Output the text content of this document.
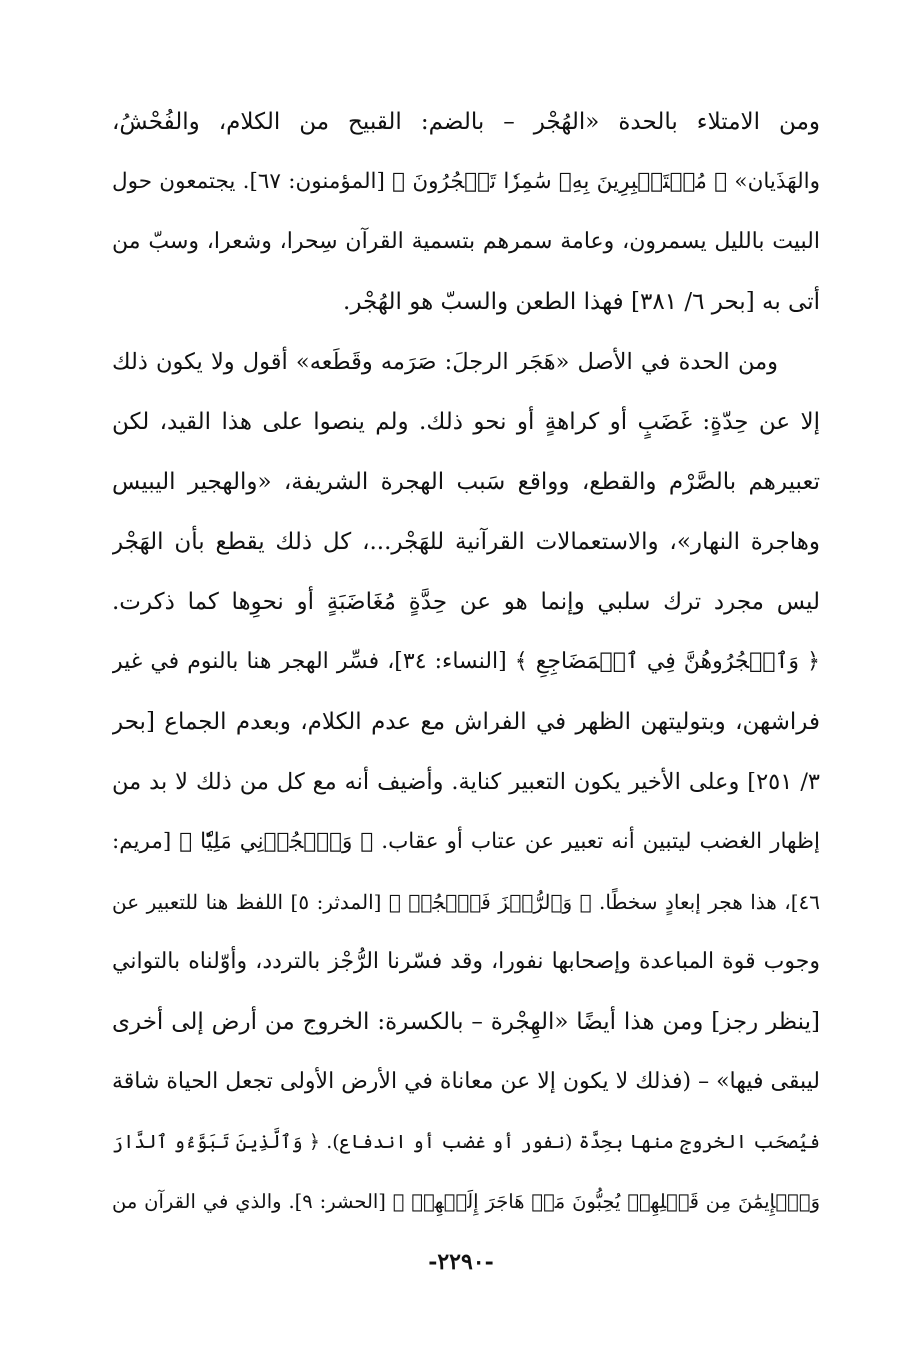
ومن الامتلاء بالحدة «الهُجْر – بالضم: القبيح من الكلام، والفُحْشُ،
والهَذَيان» ﴿ مُسۡتَكۡبِرِينَ بِهِۦ سَٰمِرٗا تَهۡجُرُونَ ﴾ [المؤمنون: ٦٧]. يجتمعون حول
البيت بالليل يسمرون، وعامة سمرهم بتسمية القرآن سِحرا، وشعرا، وسبّ من
أتى به [بحر ٦/ ٣٨١] فهذا الطعن والسبّ هو الهُجْر.
ومن الحدة في الأصل «هَجَر الرجلَ: صَرَمه وقَطَعه» أقول ولا يكون ذلك
إلا عن حِدّةٍ: غَضَبٍ أو كراهةٍ أو نحو ذلك. ولم ينصوا على هذا القيد، لكن
تعبيرهم بالصَّرْم والقطع، وواقع سَبب الهجرة الشريفة، «والهجير اليبيس
وهاجرة النهار»، والاستعمالات القرآنية للهَجْر...، كل ذلك يقطع بأن الهَجْر
ليس مجرد ترك سلبي وإنما هو عن حِدَّةٍ مُغَاضَبَةٍ أو نحوِها كما ذكرت.
﴿ وَٱهۡجُرُوهُنَّ فِي ٱلۡمَضَاجِعِ ﴾ [النساء: ٣٤]، فسِّر الهجر هنا بالنوم في غير
فراشهن، وبتوليتهن الظهر في الفراش مع عدم الكلام، وبعدم الجماع [بحر
٣/ ٢٥١] وعلى الأخير يكون التعبير كناية. وأضيف أنه مع كل من ذلك لا بد من
إظهار الغضب ليتبين أنه تعبير عن عتاب أو عقاب. ﴿ وَٱهۡجُرۡنِي مَلِيّٗا ﴾ [مريم:
٤٦]، هذا هجر إبعادٍ سخطًا. ﴿ وَٱلرُّجۡزَ فَٱهۡجُرۡ ﴾ [المدثر: ٥] اللفظ هنا للتعبير عن
وجوب قوة المباعدة وإصحابها نفورا، وقد فسّرنا الرُّجْز بالتردد، وأوّلناه بالتواني
[ينظر رجز] ومن هذا أيضًا «الهِجْرة – بالكسرة: الخروج من أرض إلى أخرى
ليبقى فيها» – (فذلك لا يكون إلا عن معاناة في الأرض الأولى تجعل الحياة شاقة
فيُصحَب الخروج منها بحِدَّة (نفور أو غضب أو اندفاع). ﴿ وَٱلَّذِينَ تَبَوَّءُو ٱلدَّارَ
وَٱلۡإِيمَٰنَ مِن قَبۡلِهِمۡ يُحِبُّونَ مَنۡ هَاجَرَ إِلَيۡهِمۡ ﴾ [الحشر: ٩]. والذي في القرآن من
-٢٢٩٠-
